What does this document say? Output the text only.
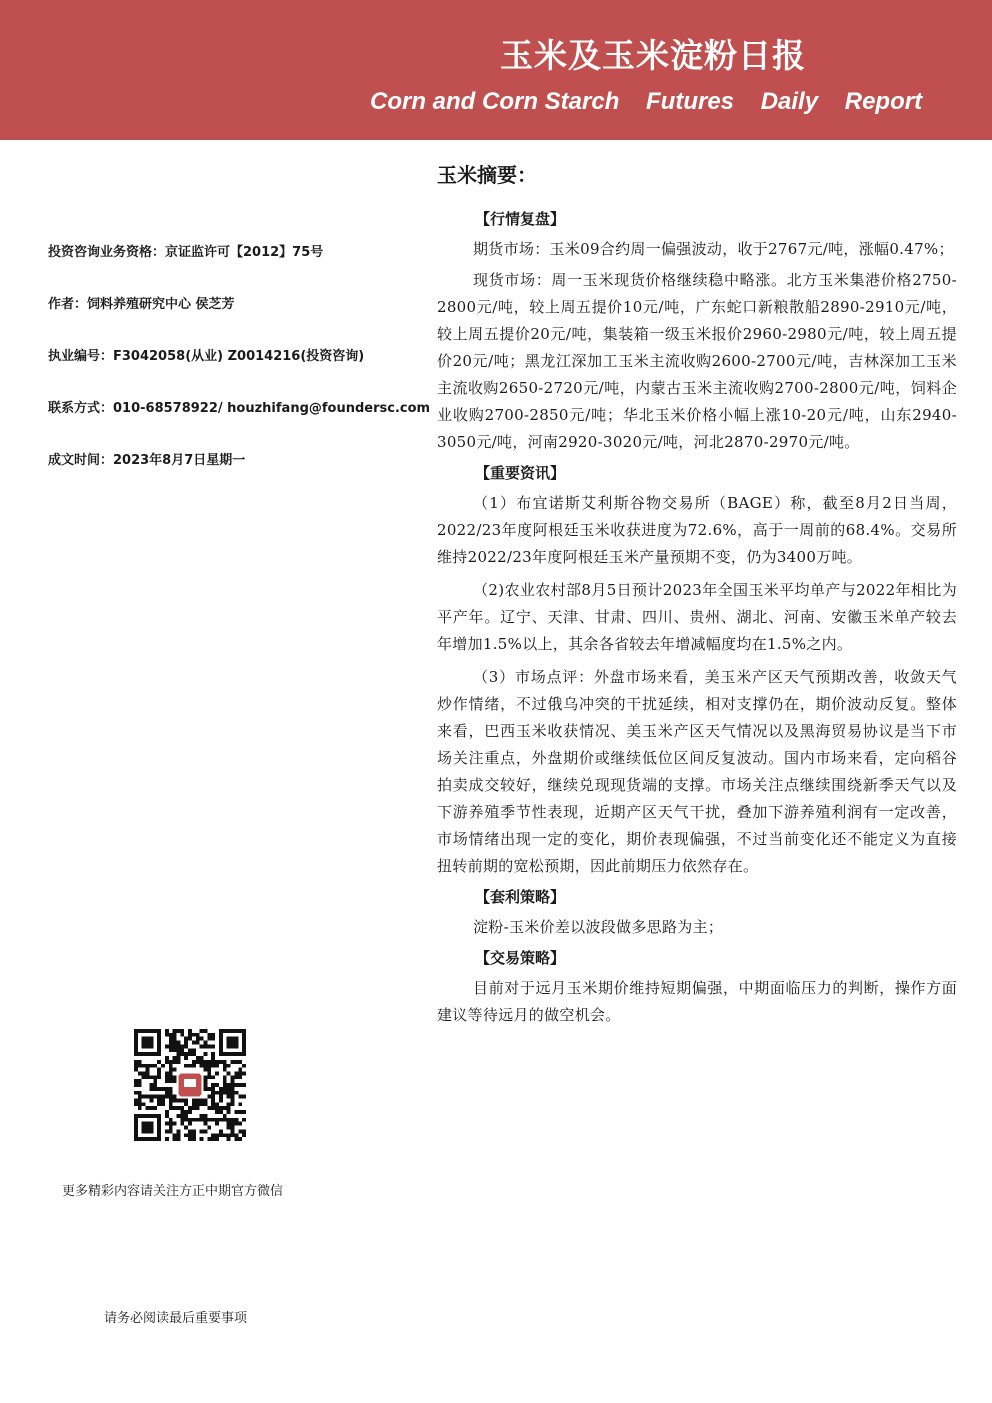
玉米及玉米淀粉日报
Corn and Corn Starch    Futures    Daily    Report
投资咨询业务资格：京证监许可【2012】75号
作者：饲料养殖研究中心 侯芝芳
执业编号：F3042058(从业) Z0014216(投资咨询)
联系方式：010-68578922/ houzhifang@foundersc.com
成文时间：2023年8月7日星期一
更多精彩内容请关注方正中期官方微信
请务必阅读最后重要事项
玉米摘要：
【行情复盘】

期货市场：玉米09合约周一偏强波动，收于2767元/吨，涨幅0.47%；

现货市场：周一玉米现货价格继续稳中略涨。北方玉米集港价格2750-2800元/吨，较上周五提价10元/吨，广东蛇口新粮散船2890-2910元/吨，较上周五提价20元/吨，集装箱一级玉米报价2960-2980元/吨，较上周五提价20元/吨；黑龙江深加工玉米主流收购2600-2700元/吨，吉林深加工玉米主流收购2650-2720元/吨，内蒙古玉米主流收购2700-2800元/吨，饲料企业收购2700-2850元/吨；华北玉米价格小幅上涨10-20元/吨，山东2940-3050元/吨，河南2920-3020元/吨，河北2870-2970元/吨。

【重要资讯】

（1）布宜诺斯艾利斯谷物交易所（BAGE）称，截至8月2日当周，2022/23年度阿根廷玉米收获进度为72.6%，高于一周前的68.4%。交易所维持2022/23年度阿根廷玉米产量预期不变，仍为3400万吨。

（2)农业农村部8月5日预计2023年全国玉米平均单产与2022年相比为平产年。辽宁、天津、甘肃、四川、贵州、湖北、河南、安徽玉米单产较去年增加1.5%以上，其余各省较去年增减幅度均在1.5%之内。

（3）市场点评：外盘市场来看，美玉米产区天气预期改善，收敛天气炒作情绪，不过俄乌冲突的干扰延续，相对支撑仍在，期价波动反复。整体来看，巴西玉米收获情况、美玉米产区天气情况以及黑海贸易协议是当下市场关注重点，外盘期价或继续低位区间反复波动。国内市场来看，定向稻谷拍卖成交较好，继续兑现现货端的支撑。市场关注点继续围绕新季天气以及下游养殖季节性表现，近期产区天气干扰，叠加下游养殖利润有一定改善，市场情绪出现一定的变化，期价表现偏强，不过当前变化还不能定义为直接扭转前期的宽松预期，因此前期压力依然存在。

【套利策略】

淀粉-玉米价差以波段做多思路为主；

【交易策略】

目前对于远月玉米期价维持短期偏强，中期面临压力的判断，操作方面建议等待远月的做空机会。
